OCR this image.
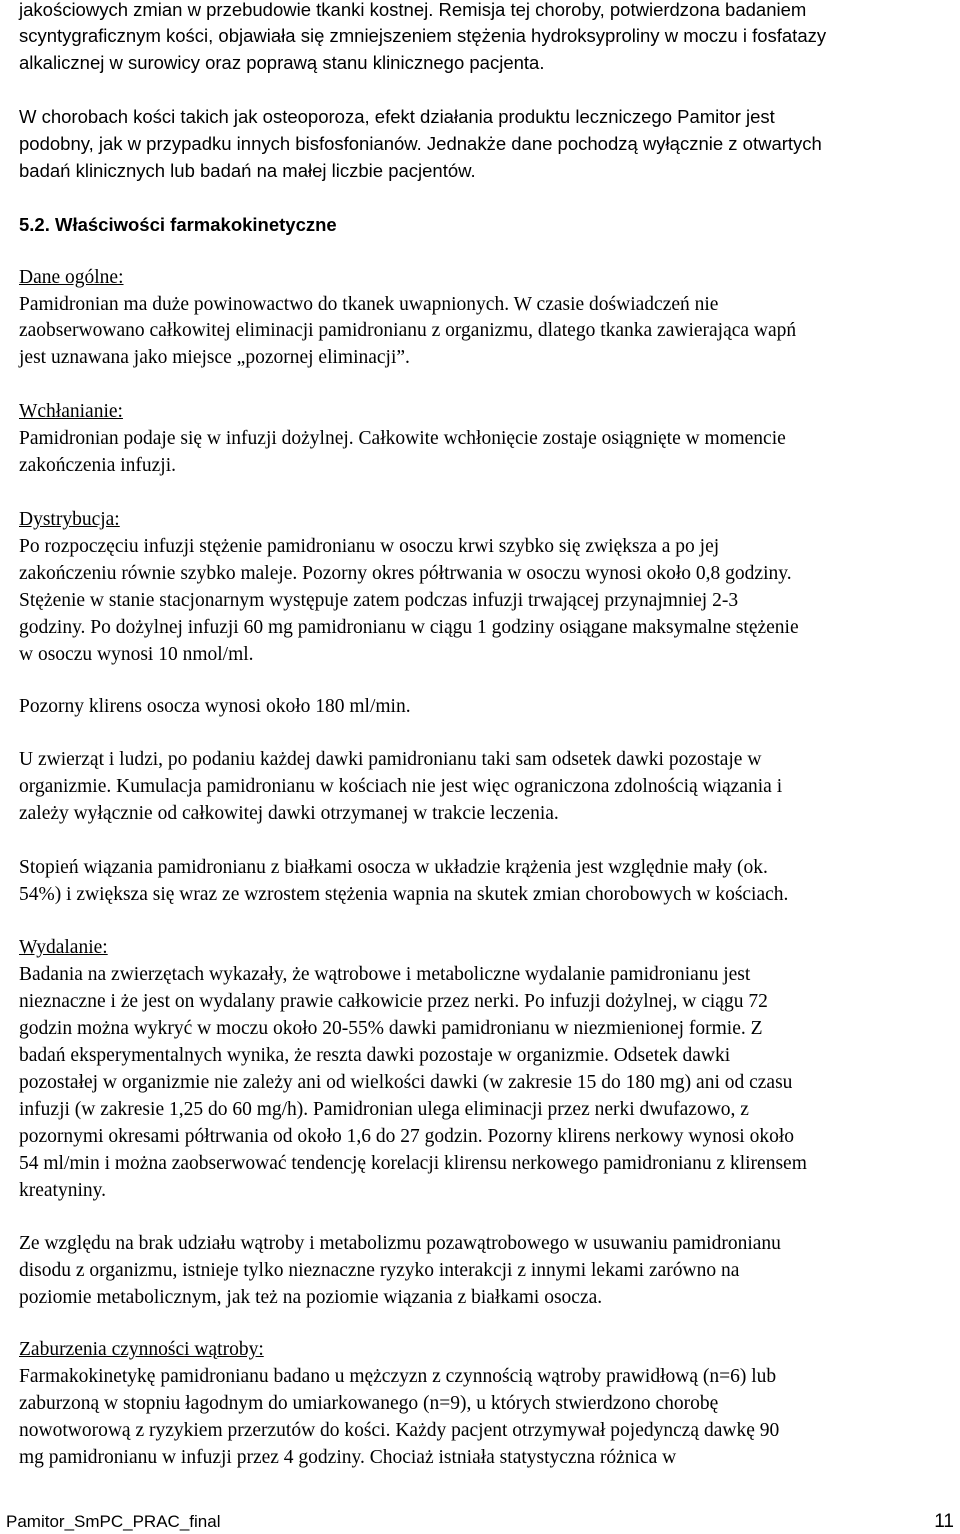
jakościowych zmian w przebudowie tkanki kostnej. Remisja tej choroby, potwierdzona badaniem
scyntygraficznym kości, objawiała się zmniejszeniem stężenia hydroksyproliny w moczu i fosfatazy
alkalicznej w surowicy oraz poprawą stanu klinicznego pacjenta.
W chorobach kości takich jak osteoporoza, efekt działania produktu leczniczego Pamitor jest
podobny, jak w przypadku innych bisfosfonianów. Jednakże dane pochodzą wyłącznie z otwartych
badań klinicznych lub badań na małej liczbie pacjentów.
5.2. Właściwości farmakokinetyczne
Dane ogólne:
Pamidronian ma duże powinowactwo do tkanek uwapnionych. W czasie doświadczeń nie
zaobserwowano całkowitej eliminacji pamidronianu z organizmu, dlatego tkanka zawierająca wapń
jest uznawana jako miejsce „pozornej eliminacji”.
Wchłanianie:
Pamidronian podaje się w infuzji dożylnej. Całkowite wchłonięcie zostaje osiągnięte w momencie
zakończenia infuzji.
Dystrybucja:
Po rozpoczęciu infuzji stężenie pamidronianu w osoczu krwi szybko się zwiększa a po jej
zakończeniu równie szybko maleje. Pozorny okres półtrwania w osoczu wynosi około 0,8 godziny.
Stężenie w stanie stacjonarnym występuje zatem podczas infuzji trwającej przynajmniej 2-3
godziny. Po dożylnej infuzji 60 mg pamidronianu w ciągu 1 godziny osiągane maksymalne stężenie
w osoczu wynosi 10 nmol/ml.
Pozorny klirens osocza wynosi około 180 ml/min.
U zwierząt i ludzi, po podaniu każdej dawki pamidronianu taki sam odsetek dawki pozostaje w
organizmie. Kumulacja pamidronianu w kościach nie jest więc ograniczona zdolnością wiązania i
zależy wyłącznie od całkowitej dawki otrzymanej w trakcie leczenia.
Stopień wiązania pamidronianu z białkami osocza w układzie krążenia jest względnie mały (ok.
54%) i zwiększa się wraz ze wzrostem stężenia wapnia na skutek zmian chorobowych w kościach.
Wydalanie:
Badania na zwierzętach wykazały, że wątrobowe i metaboliczne wydalanie pamidronianu jest
nieznaczne i że jest on wydalany prawie całkowicie przez nerki. Po infuzji dożylnej, w ciągu 72
godzin można wykryć w moczu około 20-55% dawki pamidronianu w niezmienionej formie. Z
badań eksperymentalnych wynika, że reszta dawki pozostaje w organizmie. Odsetek dawki
pozostałej w organizmie nie zależy ani od wielkości dawki (w zakresie 15 do 180 mg) ani od czasu
infuzji (w zakresie 1,25 do 60 mg/h). Pamidronian ulega eliminacji przez nerki dwufazowo, z
pozornymi okresami półtrwania od około 1,6 do 27 godzin. Pozorny klirens nerkowy wynosi około
54 ml/min i można zaobserwować tendencję korelacji klirensu nerkowego pamidronianu z klirensem
kreatyniny.
Ze względu na brak udziału wątroby i metabolizmu pozawątrobowego w usuwaniu pamidronianu
disodu z organizmu, istnieje tylko nieznaczne ryzyko interakcji z innymi lekami zarówno na
poziomie metabolicznym, jak też na poziomie wiązania z białkami osocza.
Zaburzenia czynności wątroby:
Farmakokinetykę pamidronianu badano u mężczyzn z czynnością wątroby prawidłową (n=6) lub
zaburzoną w stopniu łagodnym do umiarkowanego (n=9), u których stwierdzono chorobę
nowotworową z ryzykiem przerzutów do kości. Każdy pacjent otrzymywał pojedynczą dawkę 90
mg pamidronianu w infuzji przez 4 godziny. Chociaż istniała statystyczna różnica w
Pamitor_SmPC_PRAC_final	11
